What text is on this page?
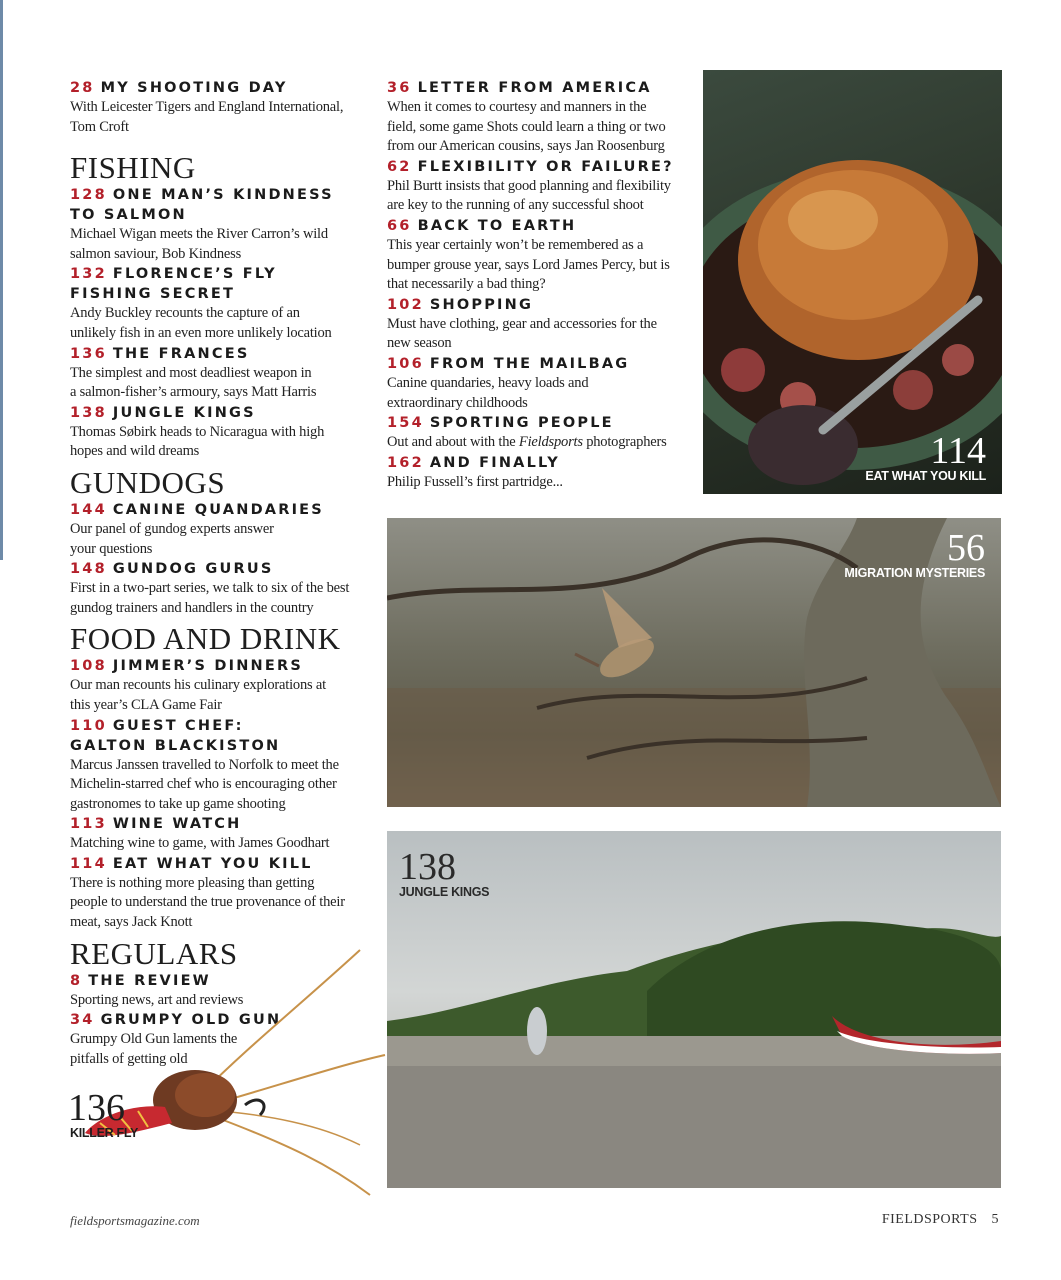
28 MY SHOOTING DAY
With Leicester Tigers and England International,
Tom Croft
FISHING
128 ONE MAN’S KINDNESS
TO SALMON
Michael Wigan meets the River Carron’s wild
salmon saviour, Bob Kindness
132 FLORENCE’S FLY
FISHING SECRET
Andy Buckley recounts the capture of an
unlikely fish in an even more unlikely location
136 THE FRANCES
The simplest and most deadliest weapon in
a salmon-fisher’s armoury, says Matt Harris
138 JUNGLE KINGS
Thomas Søbirk heads to Nicaragua with high
hopes and wild dreams
GUNDOGS
144 CANINE QUANDARIES
Our panel of gundog experts answer
your questions
148 GUNDOG GURUS
First in a two-part series, we talk to six of the best
gundog trainers and handlers in the country
FOOD AND DRINK
108 JIMMER’S DINNERS
Our man recounts his culinary explorations at
this year’s CLA Game Fair
110 GUEST CHEF:
GALTON BLACKISTON
Marcus Janssen travelled to Norfolk to meet the
Michelin-starred chef who is encouraging other
gastronomes to take up game shooting
113 WINE WATCH
Matching wine to game, with James Goodhart
114 EAT WHAT YOU KILL
There is nothing more pleasing than getting
people to understand the true provenance of their
meat, says Jack Knott
REGULARS
8 THE REVIEW
Sporting news, art and reviews
34 GRUMPY OLD GUN
Grumpy Old Gun laments the
pitfalls of getting old
36 LETTER FROM AMERICA
When it comes to courtesy and manners in the
field, some game Shots could learn a thing or two
from our American cousins, says Jan Roosenburg
62 FLEXIBILITY OR FAILURE?
Phil Burtt insists that good planning and flexibility
are key to the running of any successful shoot
66 BACK TO EARTH
This year certainly won’t be remembered as a
bumper grouse year, says Lord James Percy, but is
that necessarily a bad thing?
102 SHOPPING
Must have clothing, gear and accessories for the
new season
106 FROM THE MAILBAG
Canine quandaries, heavy loads and
extraordinary childhoods
154 SPORTING PEOPLE
Out and about with the Fieldsports photographers
162 AND FINALLY
Philip Fussell’s first partridge...
114
EAT WHAT YOU KILL
56
MIGRATION MYSTERIES
138
JUNGLE KINGS
136
KILLER FLY
fieldsportsmagazine.com	FIELDSPORTS 5
